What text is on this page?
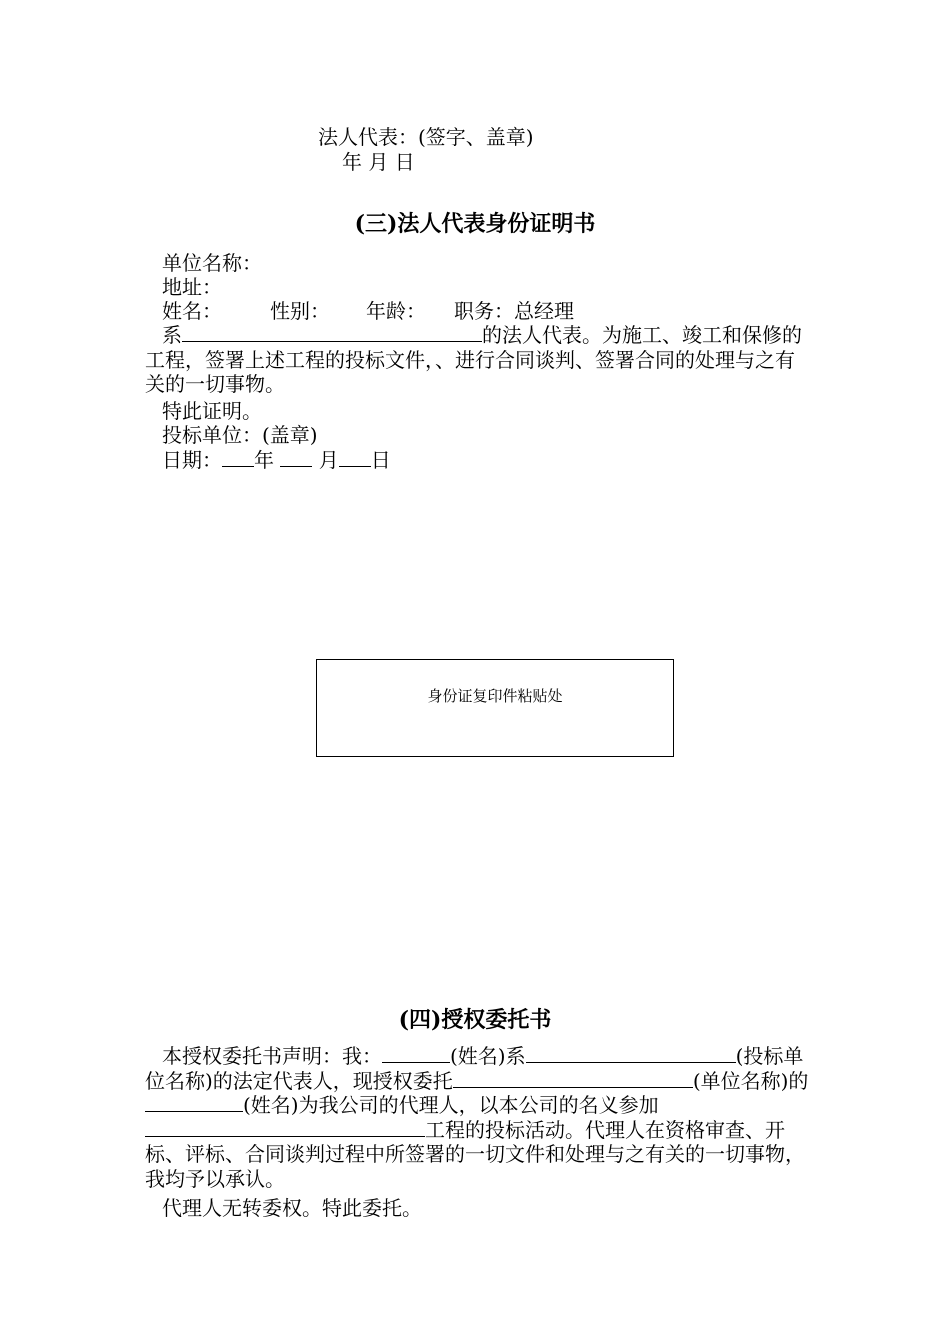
法人代表：(签字、盖章)
年 月 日
(三)法人代表身份证明书
单位名称：
地址：
姓名： 性别： 年龄： 职务：总经理
系	的法人代表。为施工、竣工和保修的工程，签署上述工程的投标文件，、进行合同谈判、签署合同的处理与之有关的一切事物。
特此证明。
投标单位：(盖章)
日期： 年 月 日
身份证复印件粘贴处
(四)授权委托书
本授权委托书声明：我：	(姓名)系	(投标单位名称)的法定代表人，现授权委托	(单位名称)的(姓名)为我公司的代理人，以本公司的名义参加工程的投标活动。代理人在资格审查、开标、评标、合同谈判过程中所签署的一切文件和处理与之有关的一切事物，我均予以承认。
代理人无转委权。特此委托。
